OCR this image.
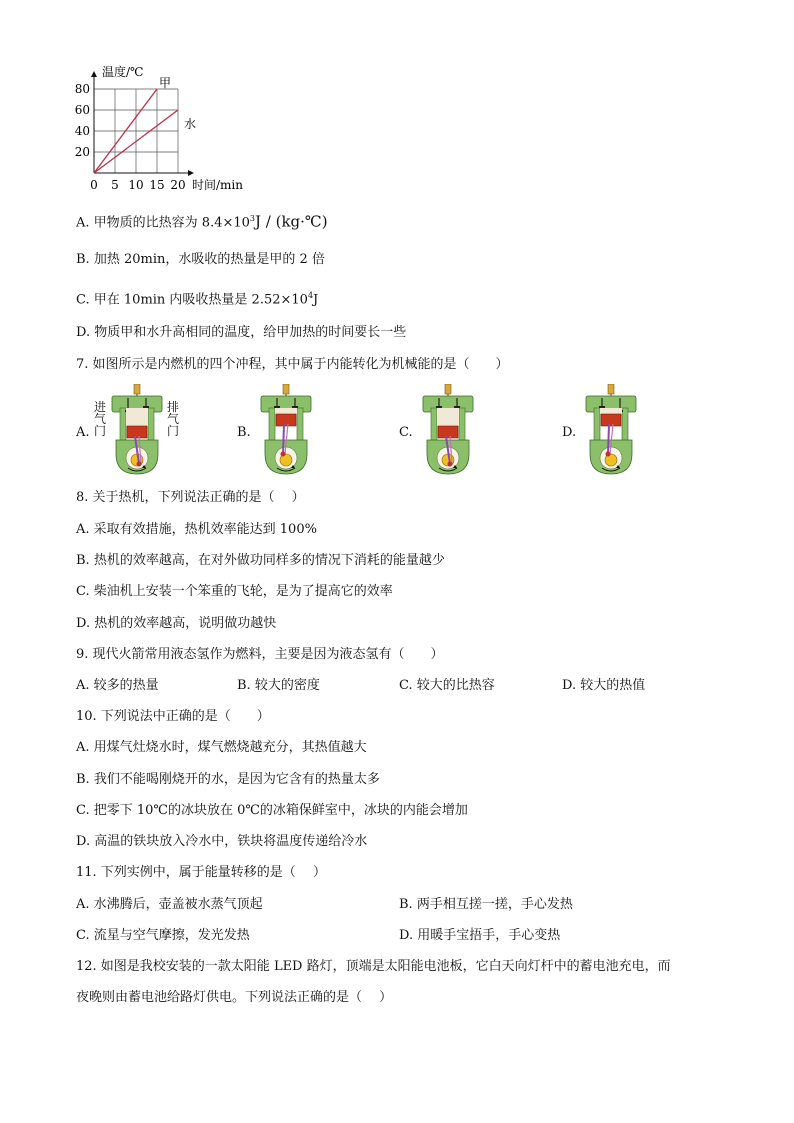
0 5 10 15 20
20
40
60
80
温度/℃
时间/min
甲
水
A. 甲物质的比热容为 $8.4\times 10^3J$ / (kg·℃)
B. 加热 20min，水吸收的热量是甲的 2 倍
C. 甲在 10min 内吸收热量是 $2.52\times 10^4J$
D. 物质甲和水升高相同的温度，给甲加热的时间要长一些
7. 如图所示是内燃机的四个冲程，其中属于内能转化为机械能的是（　　）
A.	B.	C.	D.
进气门
排气门
8. 关于热机，下列说法正确的是（　 ）
A. 采取有效措施，热机效率能达到 100%
B. 热机的效率越高，在对外做功同样多的情况下消耗的能量越少
C. 柴油机上安装一个笨重的飞轮，是为了提高它的效率
D. 热机的效率越高，说明做功越快
9. 现代火箭常用液态氢作为燃料，主要是因为液态氢有（　　）
A. 较多的热量	B. 较大的密度	C. 较大的比热容	D. 较大的热值
10. 下列说法中正确的是（　　）
A. 用煤气灶烧水时，煤气燃烧越充分，其热值越大
B. 我们不能喝刚烧开的水，是因为它含有的热量太多
C. 把零下 10℃的冰块放在 0℃的冰箱保鲜室中，冰块的内能会增加
D. 高温的铁块放入冷水中，铁块将温度传递给冷水
11. 下列实例中，属于能量转移的是（　 ）
A. 水沸腾后，壶盖被水蒸气顶起	B. 两手相互搓一搓，手心发热
C. 流星与空气摩擦，发光发热	D. 用暖手宝捂手，手心变热
12. 如图是我校安装的一款太阳能 LED 路灯，顶端是太阳能电池板，它白天向灯杆中的蓄电池充电，而
夜晚则由蓄电池给路灯供电。下列说法正确的是（　 ）
